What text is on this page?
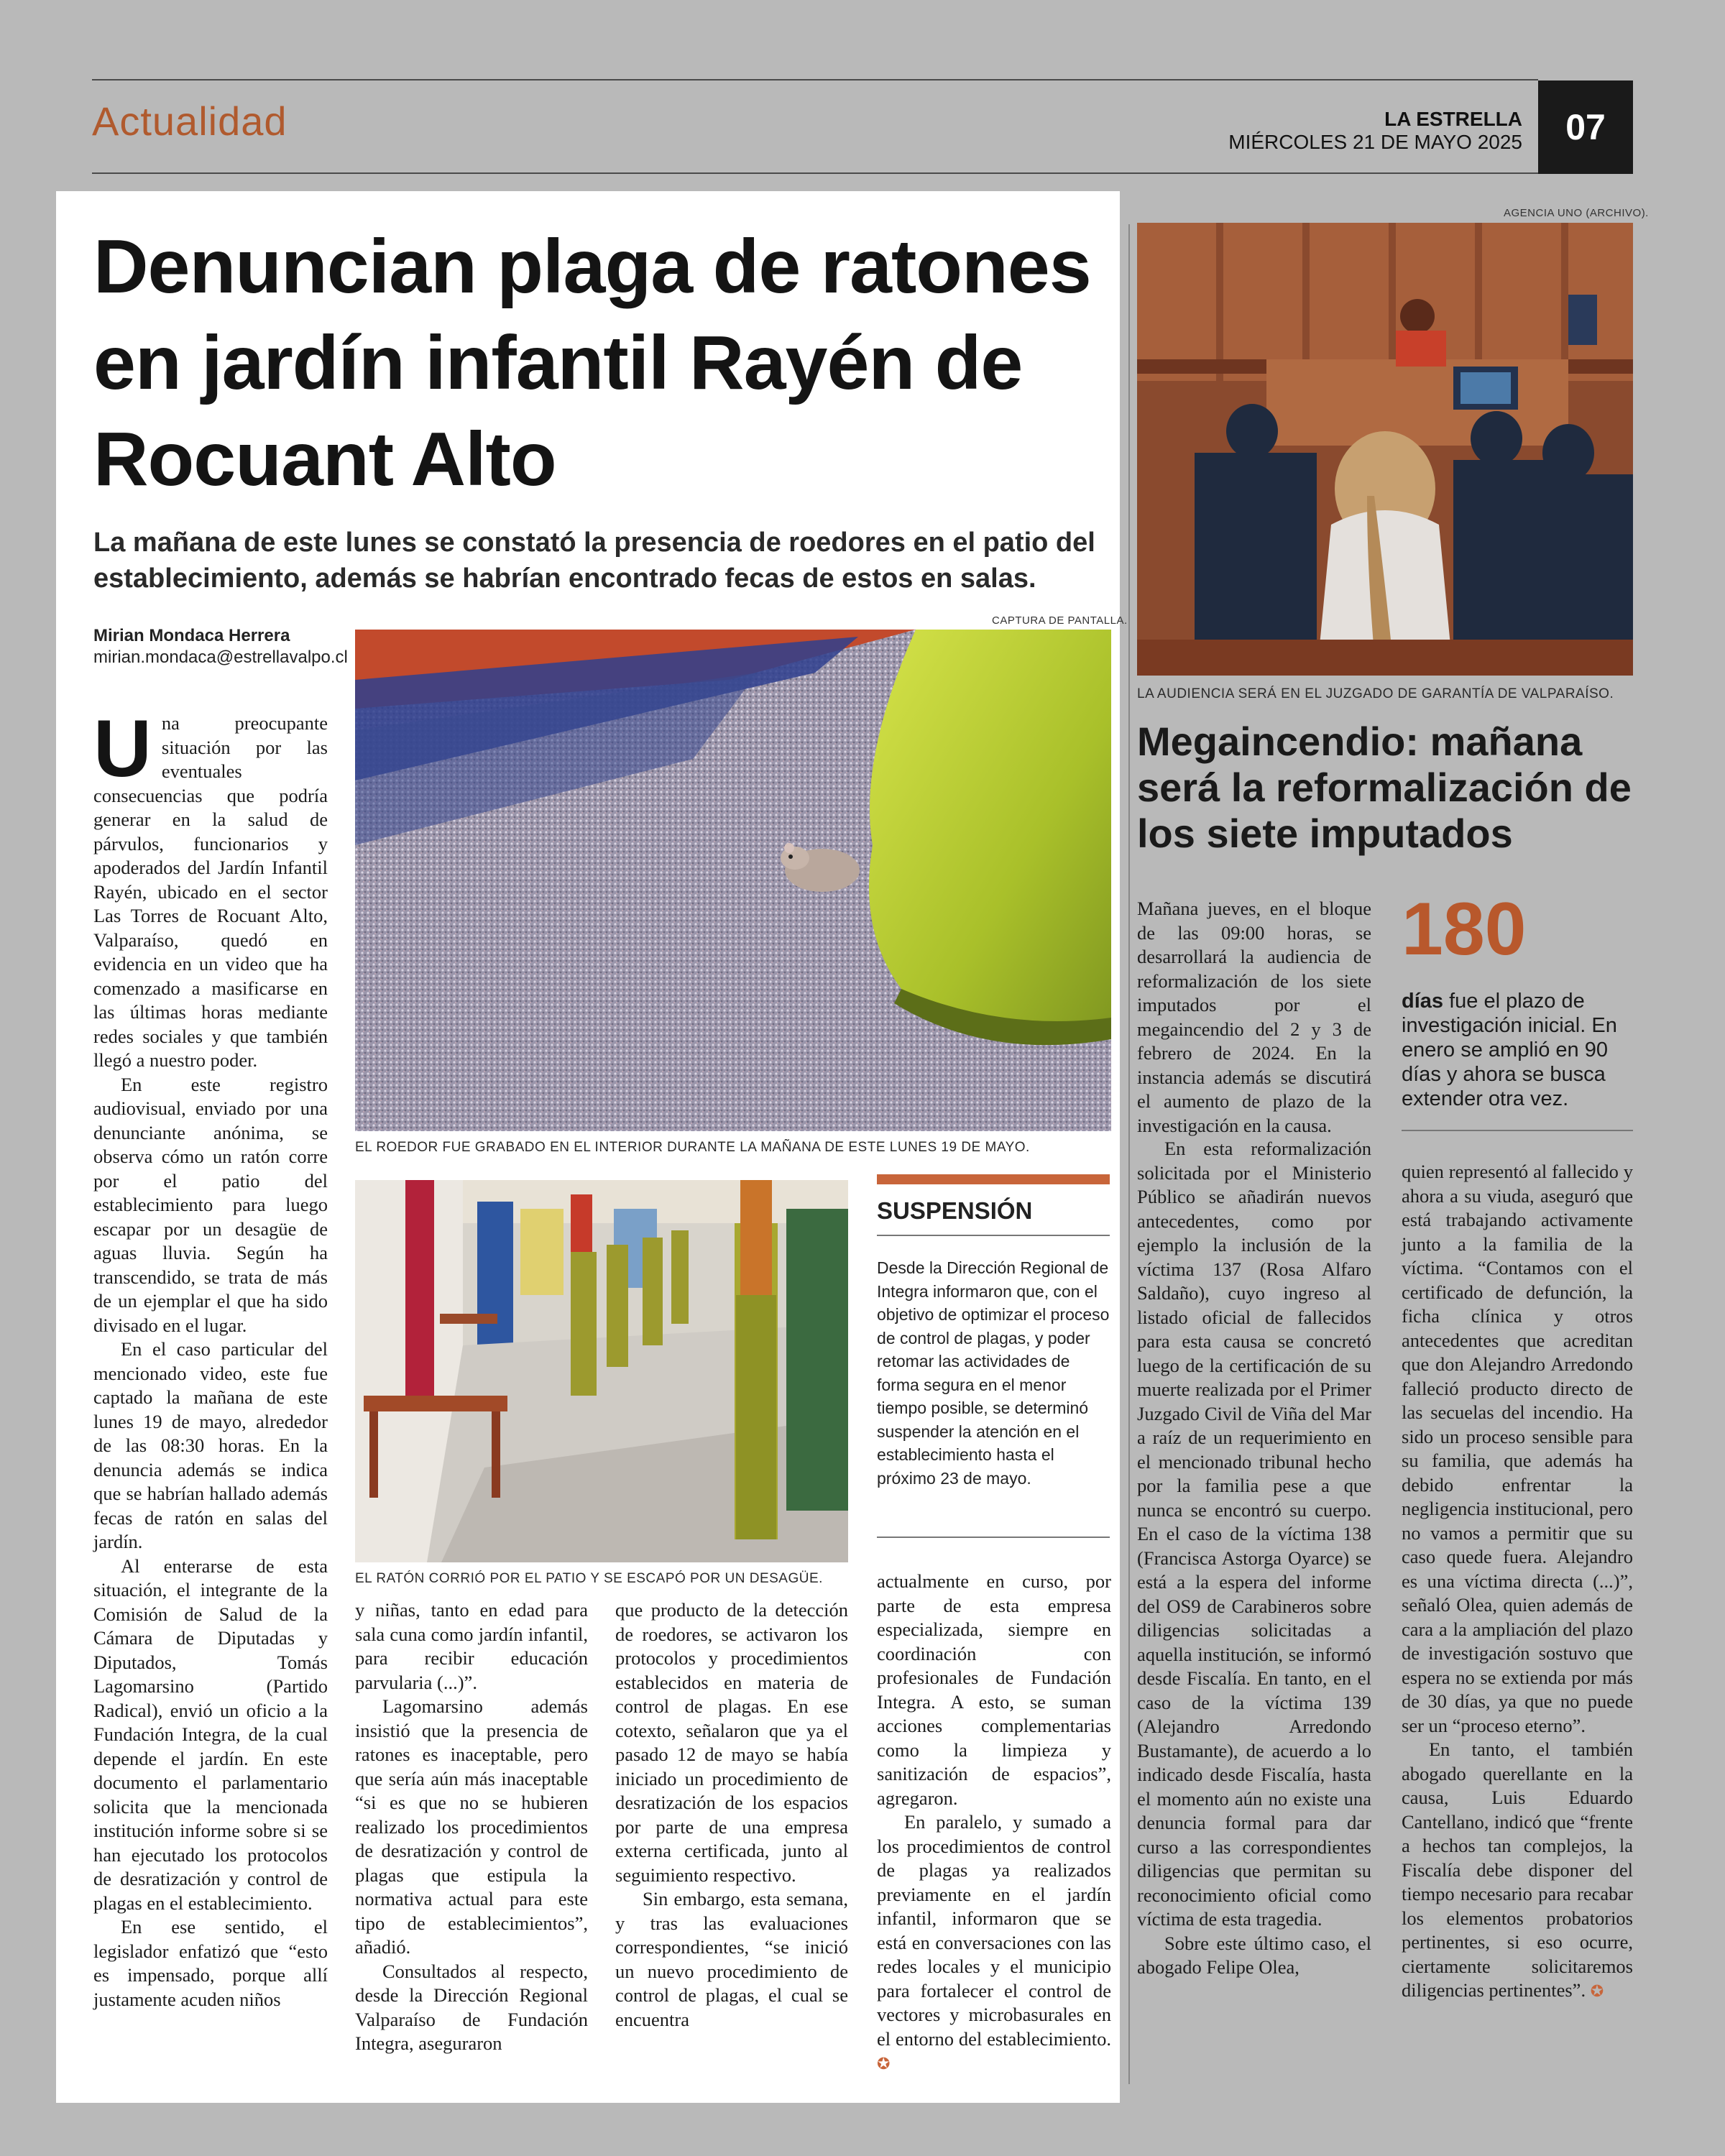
Actualidad	LA ESTRELLA
MIÉRCOLES 21 DE MAYO 2025	07
Denuncian plaga de ratones en jardín infantil Rayén de Rocuant Alto
La mañana de este lunes se constató la presencia de roedores en el patio del establecimiento, además se habrían encontrado fecas de estos en salas.
Mirian Mondaca Herrera
mirian.mondaca@estrellavalpo.cl
CAPTURA DE PANTALLA.
EL ROEDOR FUE GRABADO EN EL INTERIOR DURANTE LA MAÑANA DE ESTE LUNES 19 DE MAYO.
EL RATÓN CORRIÓ POR EL PATIO Y SE ESCAPÓ POR UN DESAGÜE.

Una preocupante situación por las eventuales consecuencias que podría generar en la salud de párvulos, funcionarios y apoderados del Jardín Infantil Rayén, ubicado en el sector Las Torres de Rocuant Alto, Valparaíso, quedó en evidencia en un video que ha comenzado a masificarse en las últimas horas mediante redes sociales y que también llegó a nuestro poder.

En este registro audiovisual, enviado por una denunciante anónima, se observa cómo un ratón corre por el patio del establecimiento para luego escapar por un desagüe de aguas lluvia. Según ha transcendido, se trata de más de un ejemplar el que ha sido divisado en el lugar.

En el caso particular del mencionado video, este fue captado la mañana de este lunes 19 de mayo, alrededor de las 08:30 horas. En la denuncia además se indica que se habrían hallado además fecas de ratón en salas del jardín.

Al enterarse de esta situación, el integrante de la Comisión de Salud de la Cámara de Diputadas y Diputados, Tomás Lagomarsino (Partido Radical), envió un oficio a la Fundación Integra, de la cual depende el jardín. En este documento el parlamentario solicita que la mencionada institución informe sobre si se han ejecutado los protocolos de desratización y control de plagas en el establecimiento.

En ese sentido, el legislador enfatizó que “esto es impensado, porque allí justamente acuden niños

y niñas, tanto en edad para sala cuna como jardín infantil, para recibir educación parvularia (...)”.

Lagomarsino además insistió que la presencia de ratones es inaceptable, pero que sería aún más inaceptable “si es que no se hubieren realizado los procedimientos de desratización y control de plagas que estipula la normativa actual para este tipo de establecimientos”, añadió.

Consultados al respecto, desde la Dirección Regional Valparaíso de Fundación Integra, aseguraron

que producto de la detección de roedores, se activaron los protocolos y procedimientos establecidos en materia de control de plagas. En ese cotexto, señalaron que ya el pasado 12 de mayo se había iniciado un procedimiento de desratización de los espacios por parte de una empresa externa certificada, junto al seguimiento respectivo.

Sin embargo, esta semana, y tras las evaluaciones correspondientes, “se inició un nuevo procedimiento de control de plagas, el cual se encuentra

SUSPENSIÓN
Desde la Dirección Regional de Integra informaron que, con el objetivo de optimizar el proceso de control de plagas, y poder retomar las actividades de forma segura en el menor tiempo posible, se determinó suspender la atención en el establecimiento hasta el próximo 23 de mayo.

actualmente en curso, por parte de esta empresa especializada, siempre en coordinación con profesionales de Fundación Integra. A esto, se suman acciones complementarias como la limpieza y sanitización de espacios”, agregaron.

En paralelo, y sumado a los procedimientos de control de plagas ya realizados previamente en el jardín infantil, informaron que se está en conversaciones con las redes locales y el municipio para fortalecer el control de vectores y microbasurales en el entorno del establecimiento. ✪

AGENCIA UNO (ARCHIVO).
LA AUDIENCIA SERÁ EN EL JUZGADO DE GARANTÍA DE VALPARAÍSO.
Megaincendio: mañana será la reformalización de los siete imputados

Mañana jueves, en el bloque de las 09:00 horas, se desarrollará la audiencia de reformalización de los siete imputados por el megaincendio del 2 y 3 de febrero de 2024. En la instancia además se discutirá el aumento de plazo de la investigación en la causa.

180
días fue el plazo de investigación inicial. En enero se amplió en 90 días y ahora se busca extender otra vez.

En esta reformalización solicitada por el Ministerio Público se añadirán nuevos antecedentes, como por ejemplo la inclusión de la víctima 137 (Rosa Alfaro Saldaño), cuyo ingreso al listado oficial de fallecidos para esta causa se concretó luego de la certificación de su muerte realizada por el Primer Juzgado Civil de Viña del Mar a raíz de un requerimiento en el mencionado tribunal hecho por la familia pese a que nunca se encontró su cuerpo. En el caso de la víctima 138 (Francisca Astorga Oyarce) se está a la espera del informe del OS9 de Carabineros sobre diligencias solicitadas a aquella institución, se informó desde Fiscalía. En tanto, en el caso de la víctima 139 (Alejandro Arredondo Bustamante), de acuerdo a lo indicado desde Fiscalía, hasta el momento aún no existe una denuncia formal para dar curso a las correspondientes diligencias que permitan su reconocimiento oficial como víctima de esta tragedia.

Sobre este último caso, el abogado Felipe Olea,

quien representó al fallecido y ahora a su viuda, aseguró que está trabajando activamente junto a la familia de la víctima. “Contamos con el certificado de defunción, la ficha clínica y otros antecedentes que acreditan que don Alejandro Arredondo falleció producto directo de las secuelas del incendio. Ha sido un proceso sensible para su familia, que además ha debido enfrentar la negligencia institucional, pero no vamos a permitir que su caso quede fuera. Alejandro es una víctima directa (...)”, señaló Olea, quien además de cara a la ampliación del plazo de investigación sostuvo que espera no se extienda por más de 30 días, ya que no puede ser un “proceso eterno”.

En tanto, el también abogado querellante en la causa, Luis Eduardo Cantellano, indicó que “frente a hechos tan complejos, la Fiscalía debe disponer del tiempo necesario para recabar los elementos probatorios pertinentes, si eso ocurre, ciertamente solicitaremos diligencias pertinentes”. ✪
